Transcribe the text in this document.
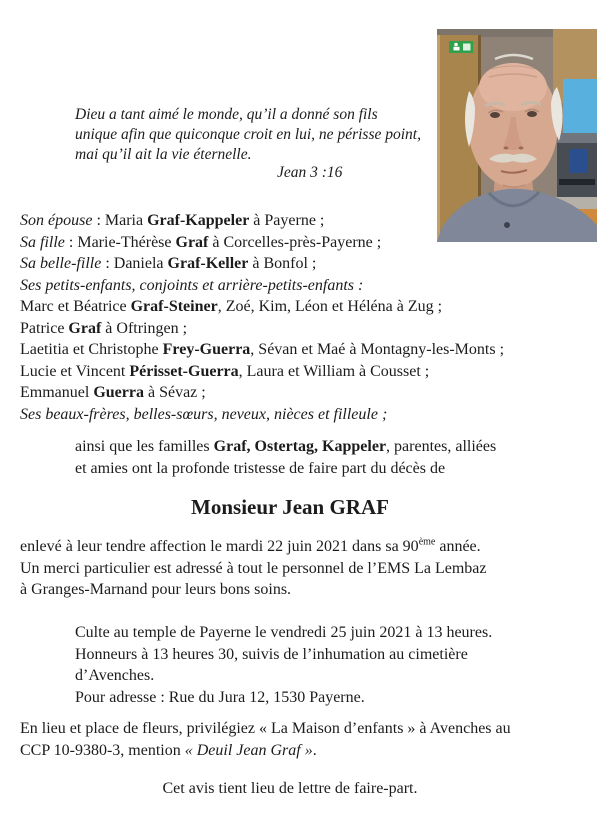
Dieu a tant aimé le monde, qu’il a donné son fils
unique afin que quiconque croit en lui, ne périsse point,
mai qu’il ait la vie éternelle.
Jean 3 :16
Son épouse : Maria Graf-Kappeler à Payerne ;
Sa fille : Marie-Thérèse Graf à Corcelles-près-Payerne ;
Sa belle-fille : Daniela Graf-Keller à Bonfol ;
Ses petits-enfants, conjoints et arrière-petits-enfants :
Marc et Béatrice Graf-Steiner, Zoé, Kim, Léon et Héléna à Zug ;
Patrice Graf à Oftringen ;
Laetitia et Christophe Frey-Guerra, Sévan et Maé à Montagny-les-Monts ;
Lucie et Vincent Périsset-Guerra, Laura et William à Cousset ;
Emmanuel Guerra à Sévaz ;
Ses beaux-frères, belles-sœurs, neveux, nièces et filleule ;
ainsi que les familles Graf, Ostertag, Kappeler, parentes, alliées
et amies ont la profonde tristesse de faire part du décès de
Monsieur Jean GRAF
enlevé à leur tendre affection le mardi 22 juin 2021 dans sa 90ème année.
Un merci particulier est adressé à tout le personnel de l’EMS La Lembaz
à Granges-Marnand pour leurs bons soins.
Culte au temple de Payerne le vendredi 25 juin 2021 à 13 heures.
Honneurs à 13 heures 30, suivis de l’inhumation au cimetière
d’Avenches.
Pour adresse : Rue du Jura 12, 1530 Payerne.
En lieu et place de fleurs, privilégiez « La Maison d’enfants » à Avenches au
CCP 10-9380-3, mention « Deuil Jean Graf ».
Cet avis tient lieu de lettre de faire-part.
